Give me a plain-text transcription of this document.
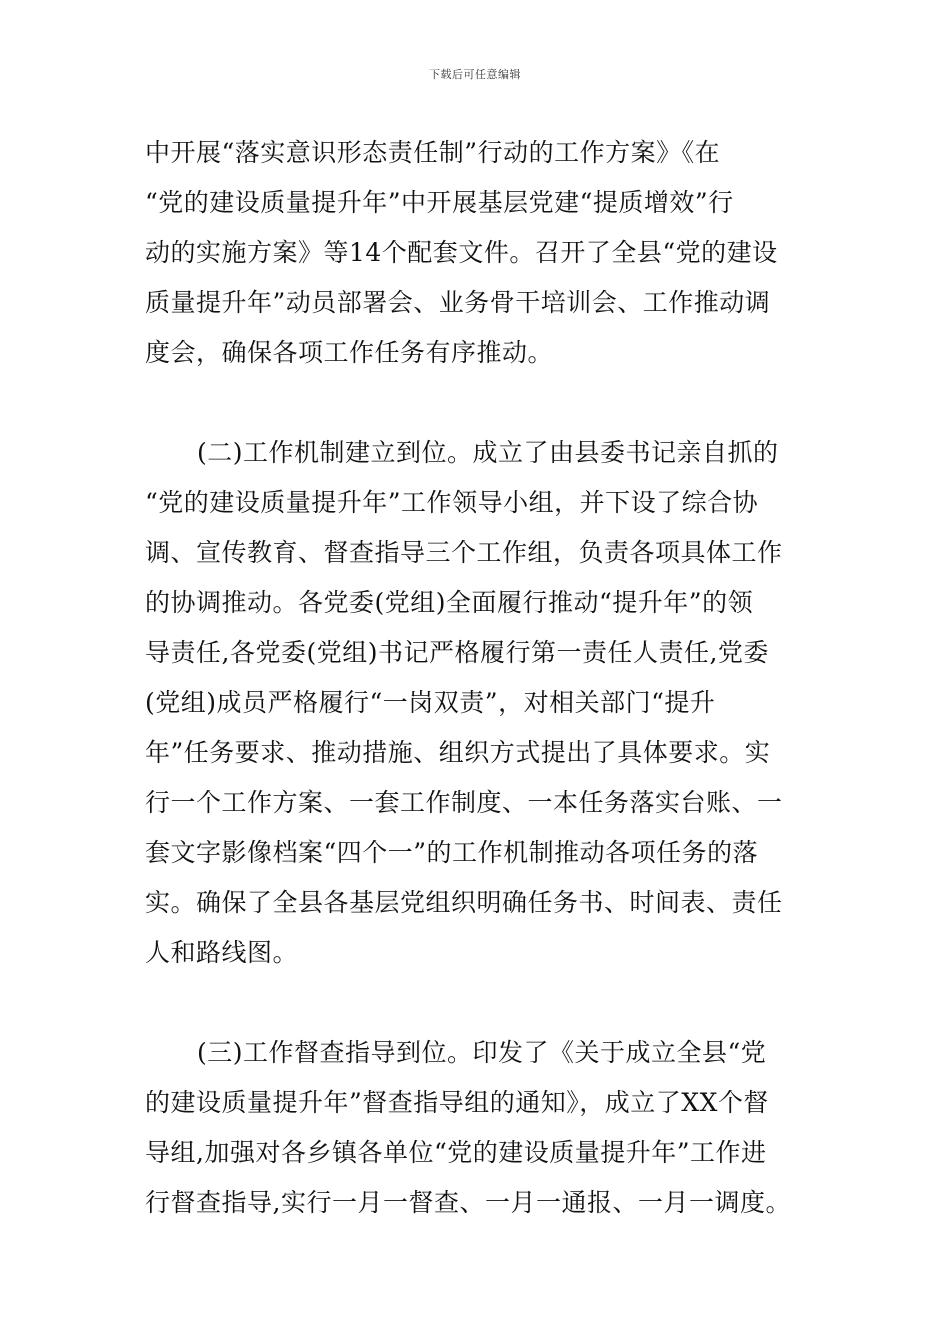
下载后可任意编辑
中开展“落实意识形态责任制”行动的工作方案》《在
“党的建设质量提升年”中开展基层党建“提质增效”行
动的实施方案》等14个配套文件。召开了全县“党的建设
质量提升年”动员部署会、业务骨干培训会、工作推动调
度会，确保各项工作任务有序推动。
(二)工作机制建立到位。成立了由县委书记亲自抓的
“党的建设质量提升年”工作领导小组，并下设了综合协
调、宣传教育、督查指导三个工作组，负责各项具体工作
的协调推动。各党委(党组)全面履行推动“提升年”的领
导责任,各党委(党组)书记严格履行第一责任人责任,党委
(党组)成员严格履行“一岗双责”，对相关部门“提升
年”任务要求、推动措施、组织方式提出了具体要求。实
行一个工作方案、一套工作制度、一本任务落实台账、一
套文字影像档案“四个一”的工作机制推动各项任务的落
实。确保了全县各基层党组织明确任务书、时间表、责任
人和路线图。
(三)工作督查指导到位。印发了《关于成立全县“党
的建设质量提升年”督查指导组的通知》，成立了XX个督
导组,加强对各乡镇各单位“党的建设质量提升年”工作进
行督查指导,实行一月一督查、一月一通报、一月一调度。
